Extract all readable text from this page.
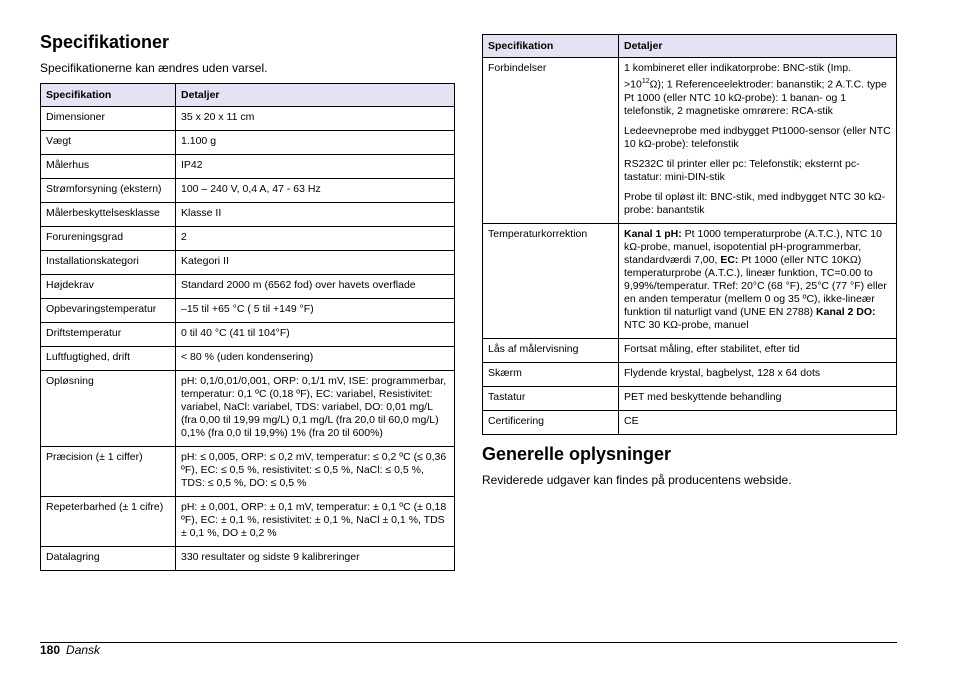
Specifikationer

Specifikationerne kan ændres uden varsel.

Specifikation	Detaljer
Dimensioner	35 x 20 x 11 cm
Vægt	1.100 g
Målerhus	IP42
Strømforsyning (ekstern)	100 – 240 V, 0,4 A, 47 - 63 Hz
Målerbeskyttelsesklasse	Klasse II
Forureningsgrad	2
Installationskategori	Kategori II
Højdekrav	Standard 2000 m (6562 fod) over havets overflade
Opbevaringstemperatur	–15 til +65 °C ( 5 til +149 °F)
Driftstemperatur	0 til 40 °C (41 til 104°F)
Luftfugtighed, drift	< 80 % (uden kondensering)
Opløsning	pH: 0,1/0,01/0,001, ORP: 0,1/1 mV, ISE: programmerbar, temperatur: 0,1 ºC (0,18 ºF), EC: variabel, Resistivitet: variabel, NaCl: variabel, TDS: variabel, DO: 0,01 mg/L (fra 0,00 til 19,99 mg/L) 0,1 mg/L (fra 20,0 til 60,0 mg/L) 0,1% (fra 0,0 til 19,9%) 1% (fra 20 til 600%)
Præcision (± 1 ciffer)	pH: ≤ 0,005, ORP: ≤ 0,2 mV, temperatur: ≤ 0,2 ºC (≤ 0,36 ºF), EC: ≤ 0,5 %, resistivitet: ≤ 0,5 %, NaCl: ≤ 0,5 %, TDS: ≤ 0,5 %, DO: ≤ 0,5 %
Repeterbarhed (± 1 cifre)	pH: ± 0,001, ORP: ± 0,1 mV, temperatur: ± 0,1 ºC (± 0,18 ºF), EC: ± 0,1 %, resistivitet: ± 0,1 %, NaCl ± 0,1 %, TDS ± 0,1 %, DO ± 0,2 %
Datalagring	330 resultater og sidste 9 kalibreringer
Specifikation	Detaljer
Forbindelser	1 kombineret eller indikatorprobe: BNC-stik (Imp. $>10^{12}\Omega$); 1 Referenceelektroder: bananstik; 2 A.T.C. type Pt 1000 (eller NTC 10 kΩ-probe): 1 banan- og 1 telefonstik, 2 magnetiske omrørere: RCA-stik

Ledeevneprobe med indbygget Pt1000-sensor (eller NTC 10 kΩ-probe): telefonstik

RS232C til printer eller pc: Telefonstik; eksternt pc-tastatur: mini-DIN-stik

Probe til opløst ilt: BNC-stik, med indbygget NTC 30 kΩ-probe: banantstik

Temperaturkorrektion	Kanal 1 pH: Pt 1000 temperaturprobe (A.T.C.), NTC 10 kΩ-probe, manuel, isopotential pH-programmerbar, standardværdi 7,00, EC: Pt 1000 (eller NTC 10KΩ) temperaturprobe (A.T.C.), lineær funktion, TC=0.00 to 9,99%/temperatur. TRef: 20°C (68 °F), 25°C (77 °F) eller en anden temperatur (mellem 0 og 35 ºC), ikke-lineær funktion til naturligt vand (UNE EN 2788) Kanal 2 DO: NTC 30 KΩ-probe, manuel
Lås af målervisning	Fortsat måling, efter stabilitet, efter tid
Skærm	Flydende krystal, bagbelyst, 128 x 64 dots
Tastatur	PET med beskyttende behandling
Certificering	CE
Generelle oplysninger

Reviderede udgaver kan findes på producentens webside.

180 Dansk
